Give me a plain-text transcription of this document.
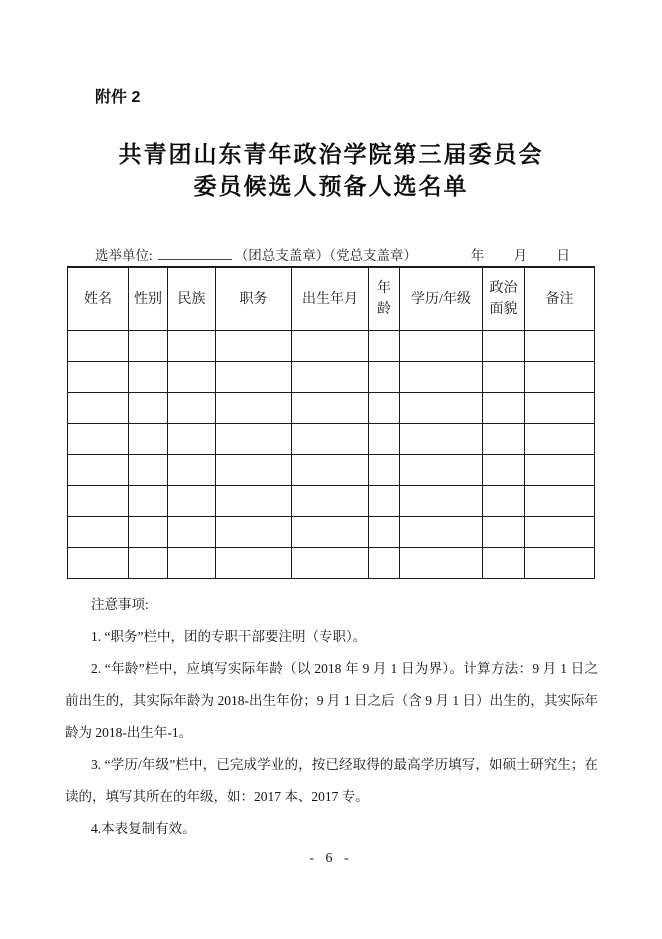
附件 2
共青团山东青年政治学院第三届委员会
委员候选人预备人选名单
选举单位:	（团总支盖章）（党总支盖章）	年 月 日
姓名	性别	民族	职务	出生年月	年龄	学历/年级	政治面貌	备注

注意事项:

1. “职务”栏中，团的专职干部要注明（专职）。

2. “年龄”栏中，应填写实际年龄（以 2018 年 9 月 1 日为界）。计算方法：9 月 1 日之前出生的，其实际年龄为 2018-出生年份；9 月 1 日之后（含 9 月 1 日）出生的，其实际年龄为 2018-出生年-1。

3. “学历/年级”栏中，已完成学业的，按已经取得的最高学历填写，如硕士研究生；在读的，填写其所在的年级，如：2017 本、2017 专。

4.本表复制有效。

- 6 -
